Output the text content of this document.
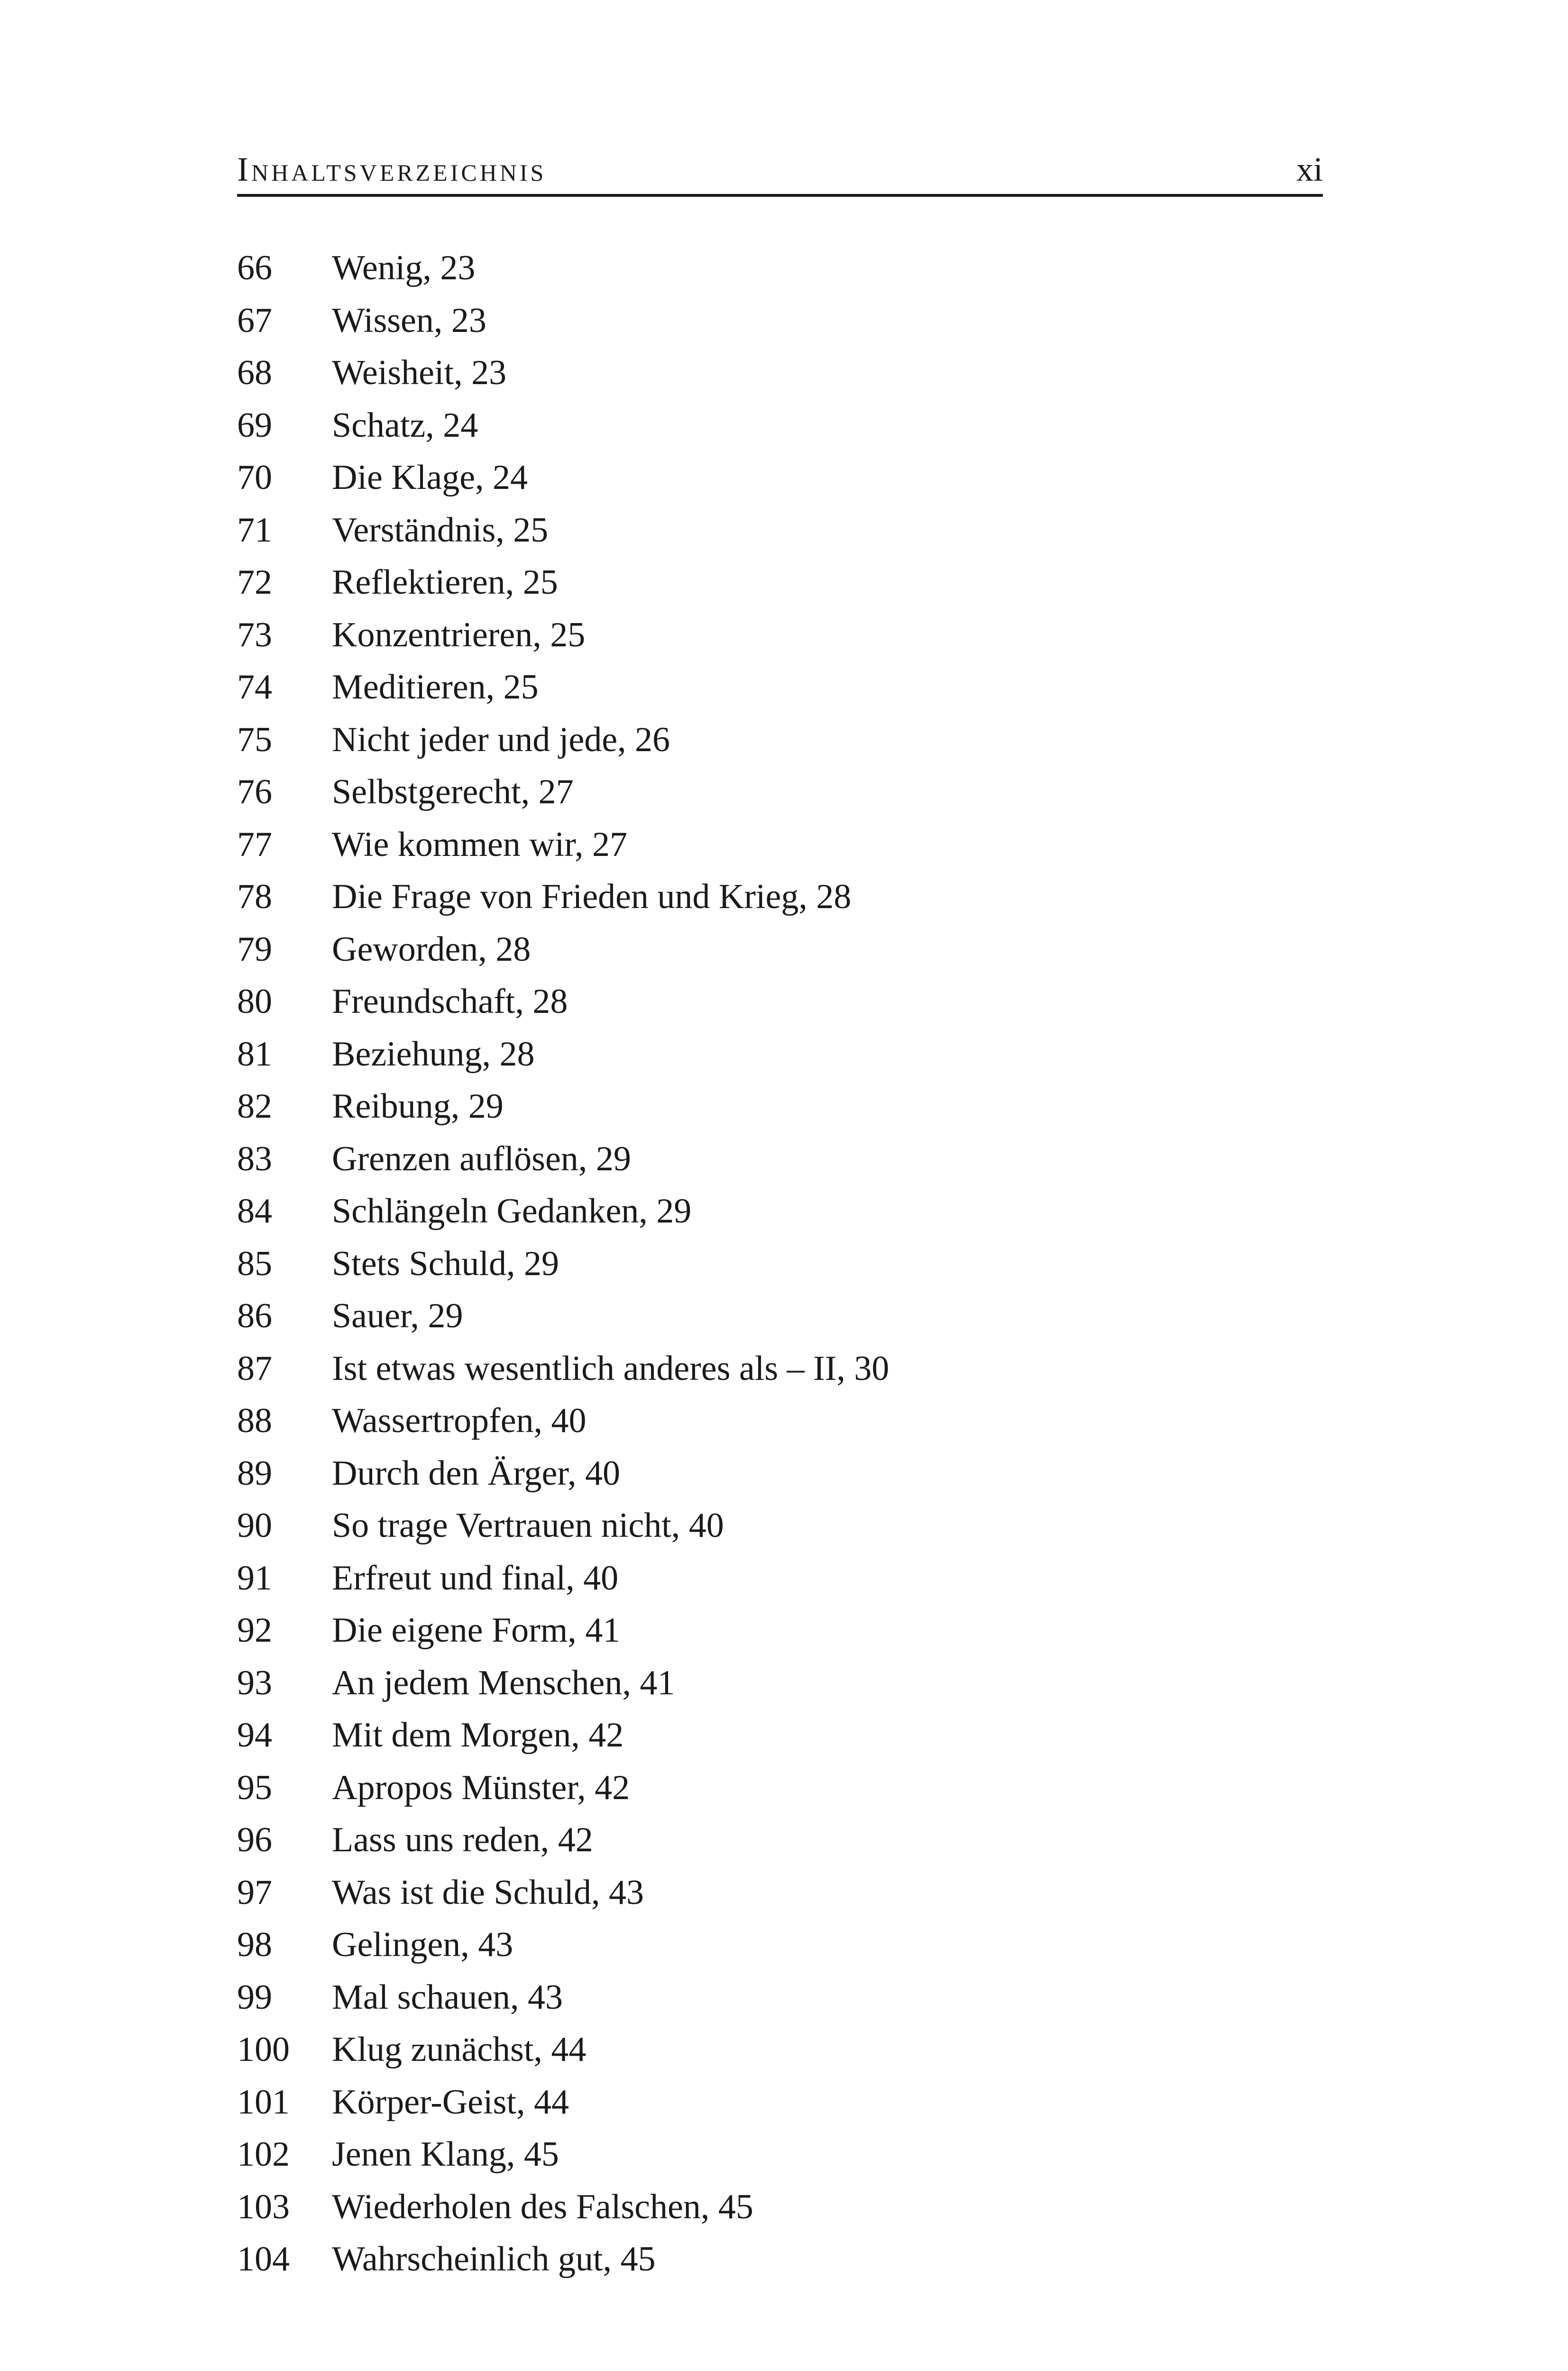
Inhaltsverzeichnis	xi
66	Wenig, 23
67	Wissen, 23
68	Weisheit, 23
69	Schatz, 24
70	Die Klage, 24
71	Verständnis, 25
72	Reflektieren, 25
73	Konzentrieren, 25
74	Meditieren, 25
75	Nicht jeder und jede, 26
76	Selbstgerecht, 27
77	Wie kommen wir, 27
78	Die Frage von Frieden und Krieg, 28
79	Geworden, 28
80	Freundschaft, 28
81	Beziehung, 28
82	Reibung, 29
83	Grenzen auflösen, 29
84	Schlängeln Gedanken, 29
85	Stets Schuld, 29
86	Sauer, 29
87	Ist etwas wesentlich anderes als – II, 30
88	Wassertropfen, 40
89	Durch den Ärger, 40
90	So trage Vertrauen nicht, 40
91	Erfreut und final, 40
92	Die eigene Form, 41
93	An jedem Menschen, 41
94	Mit dem Morgen, 42
95	Apropos Münster, 42
96	Lass uns reden, 42
97	Was ist die Schuld, 43
98	Gelingen, 43
99	Mal schauen, 43
100	Klug zunächst, 44
101	Körper-Geist, 44
102	Jenen Klang, 45
103	Wiederholen des Falschen, 45
104	Wahrscheinlich gut, 45
